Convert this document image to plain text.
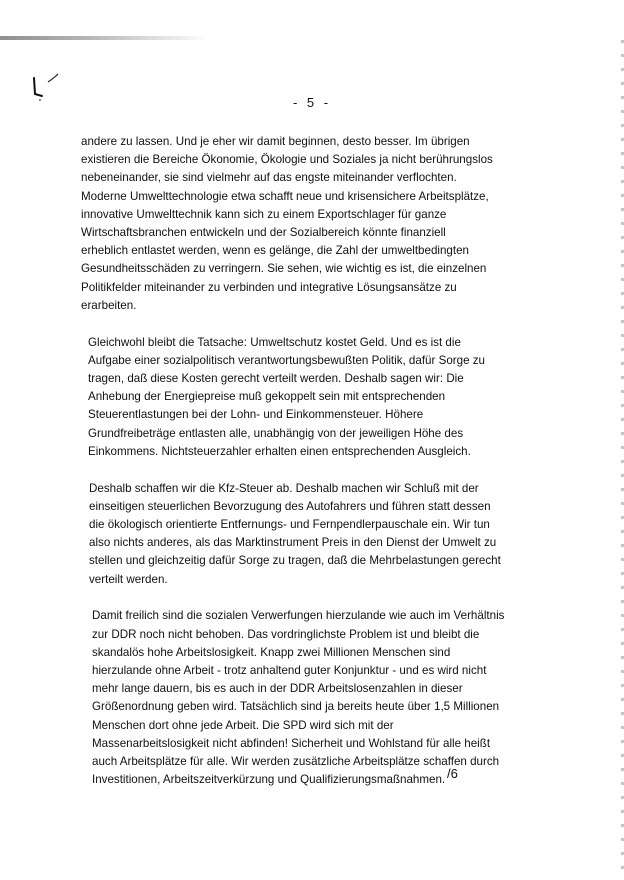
- 5 -
andere zu lassen. Und je eher wir damit beginnen, desto besser. Im übrigen
existieren die Bereiche Ökonomie, Ökologie und Soziales ja nicht berührungslos
nebeneinander, sie sind vielmehr auf das engste miteinander verflochten.
Moderne Umwelttechnologie etwa schafft neue und krisensichere Arbeitsplätze,
innovative Umwelttechnik kann sich zu einem Exportschlager für ganze
Wirtschaftsbranchen entwickeln und der Sozialbereich könnte finanziell
erheblich entlastet werden, wenn es gelänge, die Zahl der umweltbedingten
Gesundheitsschäden zu verringern. Sie sehen, wie wichtig es ist, die einzelnen
Politikfelder miteinander zu verbinden und integrative Lösungsansätze zu
erarbeiten.
Gleichwohl bleibt die Tatsache: Umweltschutz kostet Geld. Und es ist die
Aufgabe einer sozialpolitisch verantwortungsbewußten Politik, dafür Sorge zu
tragen, daß diese Kosten gerecht verteilt werden. Deshalb sagen wir: Die
Anhebung der Energiepreise muß gekoppelt sein mit entsprechenden
Steuerentlastungen bei der Lohn- und Einkommensteuer. Höhere
Grundfreibeträge entlasten alle, unabhängig von der jeweiligen Höhe des
Einkommens. Nichtsteuerzahler erhalten einen entsprechenden Ausgleich.
Deshalb schaffen wir die Kfz-Steuer ab. Deshalb machen wir Schluß mit der
einseitigen steuerlichen Bevorzugung des Autofahrers und führen statt dessen
die ökologisch orientierte Entfernungs- und Fernpendlerpauschale ein. Wir tun
also nichts anderes, als das Marktinstrument Preis in den Dienst der Umwelt zu
stellen und gleichzeitig dafür Sorge zu tragen, daß die Mehrbelastungen gerecht
verteilt werden.
Damit freilich sind die sozialen Verwerfungen hierzulande wie auch im Verhältnis
zur DDR noch nicht behoben. Das vordringlichste Problem ist und bleibt die
skandalös hohe Arbeitslosigkeit. Knapp zwei Millionen Menschen sind
hierzulande ohne Arbeit - trotz anhaltend guter Konjunktur - und es wird nicht
mehr lange dauern, bis es auch in der DDR Arbeitslosenzahlen in dieser
Größenordnung geben wird. Tatsächlich sind ja bereits heute über 1,5 Millionen
Menschen dort ohne jede Arbeit. Die SPD wird sich mit der
Massenarbeitslosigkeit nicht abfinden! Sicherheit und Wohlstand für alle heißt
auch Arbeitsplätze für alle. Wir werden zusätzliche Arbeitsplätze schaffen durch
Investitionen, Arbeitszeitverkürzung und Qualifizierungsmaßnahmen. /6
